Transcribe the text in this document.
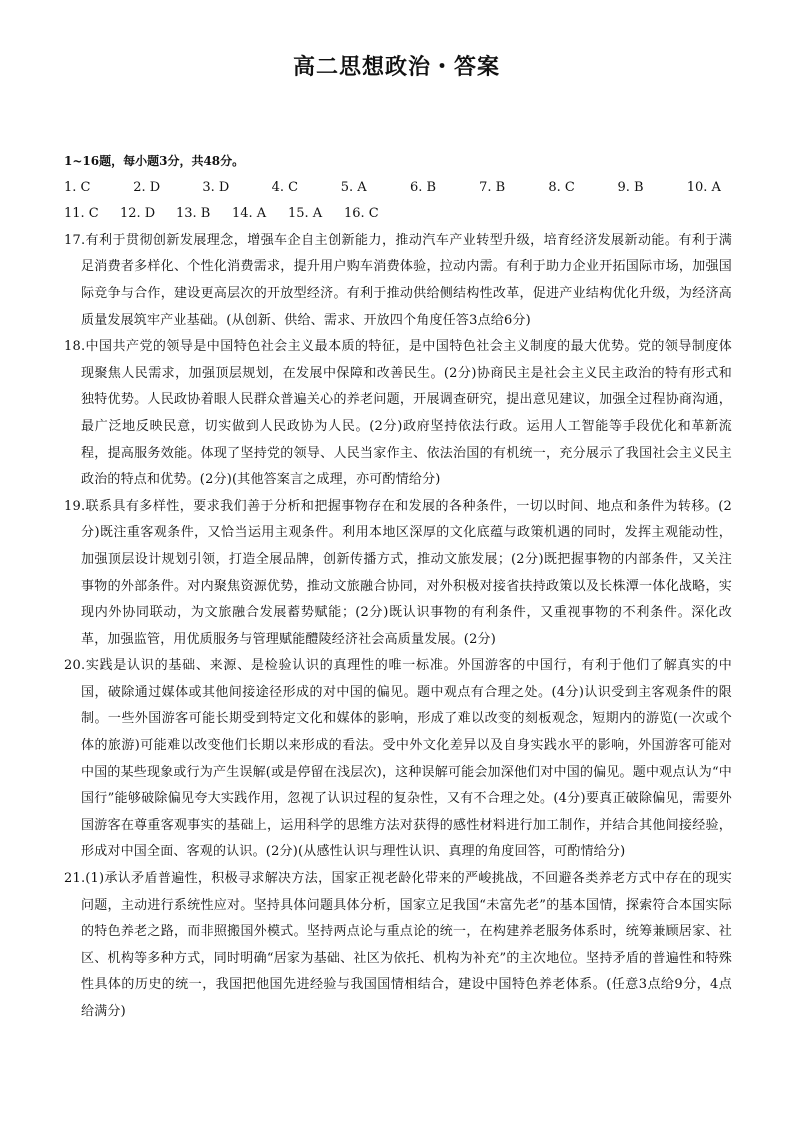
高二思想政治・答案
1~16题，每小题3分，共48分。
1. C	2. D	3. D	4. C	5. A	6. B	7. B	8. C	9. B	10. A
11. C	12. D	13. B	14. A	15. A	16. C

17.有利于贯彻创新发展理念，增强车企自主创新能力，推动汽车产业转型升级，培育经济发展新动能。有利于满足消费者多样化、个性化消费需求，提升用户购车消费体验，拉动内需。有利于助力企业开拓国际市场，加强国际竞争与合作，建设更高层次的开放型经济。有利于推动供给侧结构性改革，促进产业结构优化升级，为经济高质量发展筑牢产业基础。(从创新、供给、需求、开放四个角度任答3点给6分)

18.中国共产党的领导是中国特色社会主义最本质的特征，是中国特色社会主义制度的最大优势。党的领导制度体现聚焦人民需求，加强顶层规划，在发展中保障和改善民生。(2分)协商民主是社会主义民主政治的特有形式和独特优势。人民政协着眼人民群众普遍关心的养老问题，开展调查研究，提出意见建议，加强全过程协商沟通，最广泛地反映民意，切实做到人民政协为人民。(2分)政府坚持依法行政。运用人工智能等手段优化和革新流程，提高服务效能。体现了坚持党的领导、人民当家作主、依法治国的有机统一，充分展示了我国社会主义民主政治的特点和优势。(2分)(其他答案言之成理，亦可酌情给分)

19.联系具有多样性，要求我们善于分析和把握事物存在和发展的各种条件，一切以时间、地点和条件为转移。(2分)既注重客观条件，又恰当运用主观条件。利用本地区深厚的文化底蕴与政策机遇的同时，发挥主观能动性，加强顶层设计规划引领，打造全展品牌，创新传播方式，推动文旅发展；(2分)既把握事物的内部条件，又关注事物的外部条件。对内聚焦资源优势，推动文旅融合协同，对外积极对接省扶持政策以及长株潭一体化战略，实现内外协同联动，为文旅融合发展蓄势赋能；(2分)既认识事物的有利条件，又重视事物的不利条件。深化改革，加强监管，用优质服务与管理赋能醴陵经济社会高质量发展。(2分)

20.实践是认识的基础、来源、是检验认识的真理性的唯一标准。外国游客的中国行，有利于他们了解真实的中国，破除通过媒体或其他间接途径形成的对中国的偏见。题中观点有合理之处。(4分)认识受到主客观条件的限制。一些外国游客可能长期受到特定文化和媒体的影响，形成了难以改变的刻板观念，短期内的游览(一次或个体的旅游)可能难以改变他们长期以来形成的看法。受中外文化差异以及自身实践水平的影响，外国游客可能对中国的某些现象或行为产生误解(或是停留在浅层次)，这种误解可能会加深他们对中国的偏见。题中观点认为“中国行”能够破除偏见夸大实践作用，忽视了认识过程的复杂性，又有不合理之处。(4分)要真正破除偏见，需要外国游客在尊重客观事实的基础上，运用科学的思维方法对获得的感性材料进行加工制作，并结合其他间接经验，形成对中国全面、客观的认识。(2分)(从感性认识与理性认识、真理的角度回答，可酌情给分)

21.(1)承认矛盾普遍性，积极寻求解决方法，国家正视老龄化带来的严峻挑战，不回避各类养老方式中存在的现实问题，主动进行系统性应对。坚持具体问题具体分析，国家立足我国“未富先老”的基本国情，探索符合本国实际的特色养老之路，而非照搬国外模式。坚持两点论与重点论的统一，在构建养老服务体系时，统筹兼顾居家、社区、机构等多种方式，同时明确“居家为基础、社区为依托、机构为补充”的主次地位。坚持矛盾的普遍性和特殊性具体的历史的统一，我国把他国先进经验与我国国情相结合，建设中国特色养老体系。(任意3点给9分，4点给满分)
